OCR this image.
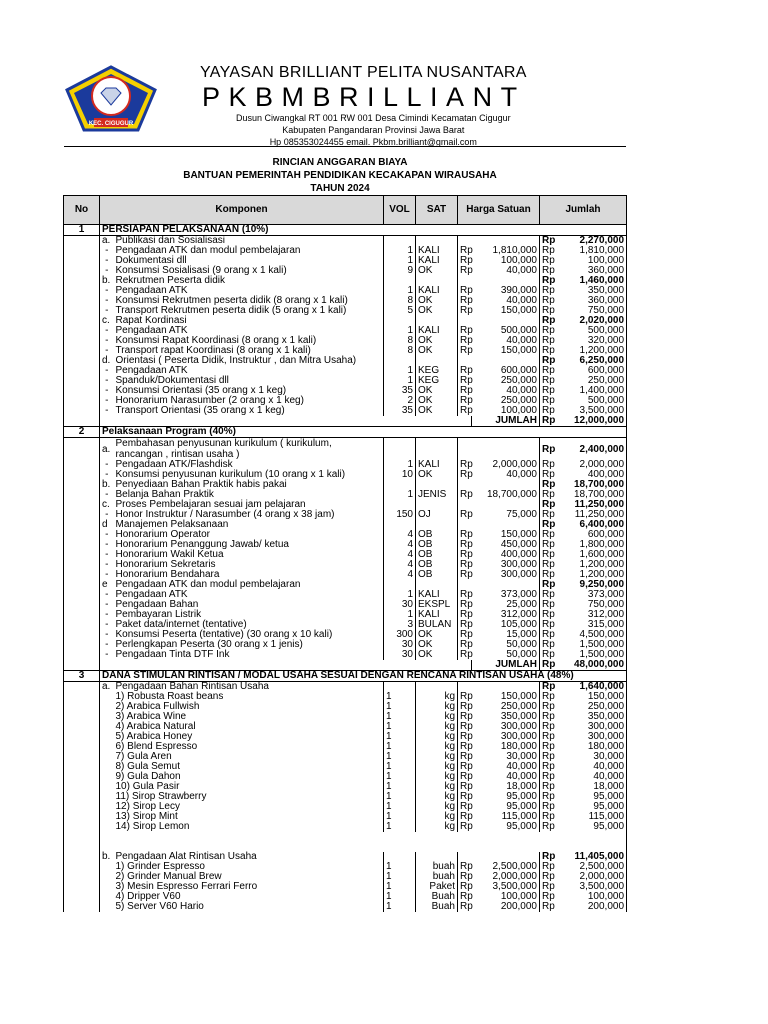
KEC. CIGUGUR
YAYASAN BRILLIANT PELITA NUSANTARA
PKBMBRILLIANT
Dusun Ciwangkal RT 001 RW 001 Desa Cimindi Kecamatan Cigugur
Kabupaten Pangandaran Provinsi Jawa Barat
Hp 085353024455 email. Pkbm.brilliant@gmail.com
RINCIAN ANGGARAN BIAYA
BANTUAN PEMERINTAH PENDIDIKAN KECAKAPAN WIRAUSAHA
TAHUN 2024
No	Komponen		VOL	SAT	Harga Satuan		Jumlah	
1	PERSIAPAN PELAKSANAAN (10%)							
	a.	Publikasi dan Sosialisasi					Rp	2,270,000
	-	Pengadaan ATK dan modul pembelajaran	1	KALI	Rp	1,810,000	Rp	1,810,000
	-	Dokumentasi dll	1	KALI	Rp	100,000	Rp	100,000
	-	Konsumsi Sosialisasi (9 orang x 1 kali)	9	OK	Rp	40,000	Rp	360,000
	b.	Rekrutmen Peserta didik					Rp	1,460,000
	-	Pengadaan ATK	1	KALI	Rp	390,000	Rp	350,000
	-	Konsumsi Rekrutmen peserta didik (8 orang x 1 kali)	8	OK	Rp	40,000	Rp	360,000
	-	Transport Rekrutmen peserta didik (5 orang x 1 kali)	5	OK	Rp	150,000	Rp	750,000
	c.	Rapat Kordinasi					Rp	2,020,000
	-	Pengadaan ATK	1	KALI	Rp	500,000	Rp	500,000
	-	Konsumsi Rapat Koordinasi (8 orang x 1 kali)	8	OK	Rp	40,000	Rp	320,000
	-	Transport rapat Koordinasi (8 orang x 1 kali)	8	OK	Rp	150,000	Rp	1,200,000
	d.	Orientasi ( Peserta Didik, Instruktur , dan Mitra Usaha)					Rp	6,250,000
	-	Pengadaan ATK	1	KEG	Rp	600,000	Rp	600,000
	-	Spanduk/Dokumentasi dll	1	KEG	Rp	250,000	Rp	250,000
	-	Konsumsi Orientasi (35 orang x 1 keg)	35	OK	Rp	40,000	Rp	1,400,000
	-	Honorarium Narasumber (2 orang x 1 keg)	2	OK	Rp	250,000	Rp	500,000
	-	Transport Orientasi (35 orang x 1 keg)	35	OK	Rp	100,000	Rp	3,500,000
						JUMLAH	Rp	12,000,000
2	Pelaksanaan Program (40%)							
	a.	Pembahasan penyusunan kurikulum ( kurikulum, rancangan , rintisan usaha )					Rp	2,400,000
	-	Pengadaan ATK/Flashdisk	1	KALI	Rp	2,000,000	Rp	2,000,000
	-	Konsumsi penyusunan kurikulum (10 orang x 1 kali)	10	OK	Rp	40,000	Rp	400,000
	b.	Penyediaan Bahan Praktik habis pakai					Rp	18,700,000
	-	Belanja Bahan Praktik	1	JENIS	Rp	18,700,000	Rp	18,700,000
	c.	Proses Pembelajaran sesuai jam pelajaran					Rp	11,250,000
	-	Honor Instruktur / Narasumber (4 orang x 38 jam)	150	OJ	Rp	75,000	Rp	11,250,000
	d	Manajemen Pelaksanaan					Rp	6,400,000
	-	Honorarium Operator	4	OB	Rp	150,000	Rp	600,000
	-	Honorarium Penanggung Jawab/ ketua	4	OB	Rp	450,000	Rp	1,800,000
	-	Honorarium Wakil Ketua	4	OB	Rp	400,000	Rp	1,600,000
	-	Honorarium Sekretaris	4	OB	Rp	300,000	Rp	1,200,000
	-	Honorarium Bendahara	4	OB	Rp	300,000	Rp	1,200,000
	e	Pengadaan ATK dan modul pembelajaran					Rp	9,250,000
	-	Pengadaan ATK	1	KALI	Rp	373,000	Rp	373,000
	-	Pengadaan Bahan	30	EKSPL	Rp	25,000	Rp	750,000
	-	Pembayaran Listrik	1	KALI	Rp	312,000	Rp	312,000
	-	Paket data/internet (tentative)	3	BULAN	Rp	105,000	Rp	315,000
	-	Konsumsi Peserta (tentative) (30 orang x 10 kali)	300	OK	Rp	15,000	Rp	4,500,000
	-	Perlengkapan Peserta (30 orang x 1 jenis)	30	OK	Rp	50,000	Rp	1,500,000
	-	Pengadaan Tinta DTF Ink	30	OK	Rp	50,000	Rp	1,500,000
						JUMLAH	Rp	48,000,000
3	DANA STIMULAN RINTISAN / MODAL USAHA SESUAI DENGAN RENCANA RINTISAN USAHA (48%)							
	a.	Pengadaan Bahan Rintisan Usaha					Rp	1,640,000
		1) Robusta Roast beans	1	kg	Rp	150,000	Rp	150,000
		2) Arabica Fullwish	1	kg	Rp	250,000	Rp	250,000
		3) Arabica Wine	1	kg	Rp	350,000	Rp	350,000
		4) Arabica Natural	1	kg	Rp	300,000	Rp	300,000
		5) Arabica Honey	1	kg	Rp	300,000	Rp	300,000
		6) Blend Espresso	1	kg	Rp	180,000	Rp	180,000
		7) Gula Aren	1	kg	Rp	30,000	Rp	30,000
		8) Gula Semut	1	kg	Rp	40,000	Rp	40,000
		9) Gula Dahon	1	kg	Rp	40,000	Rp	40,000
		10) Gula Pasir	1	kg	Rp	18,000	Rp	18,000
		11) Sirop Strawberry	1	kg	Rp	95,000	Rp	95,000
		12) Sirop Lecy	1	kg	Rp	95,000	Rp	95,000
		13) Sirop Mint	1	kg	Rp	115,000	Rp	115,000
		14) Sirop Lemon	1	kg	Rp	95,000	Rp	95,000

	b.	Pengadaan Alat Rintisan Usaha					Rp	11,405,000
		1) Grinder Espresso	1	buah	Rp	2,500,000	Rp	2,500,000
		2) Grinder Manual Brew	1	buah	Rp	2,000,000	Rp	2,000,000
		3) Mesin Espresso Ferrari Ferro	1	Paket	Rp	3,500,000	Rp	3,500,000
		4) Dripper V60	1	Buah	Rp	100,000	Rp	100,000
		5) Server V60 Hario	1	Buah	Rp	200,000	Rp	200,000
